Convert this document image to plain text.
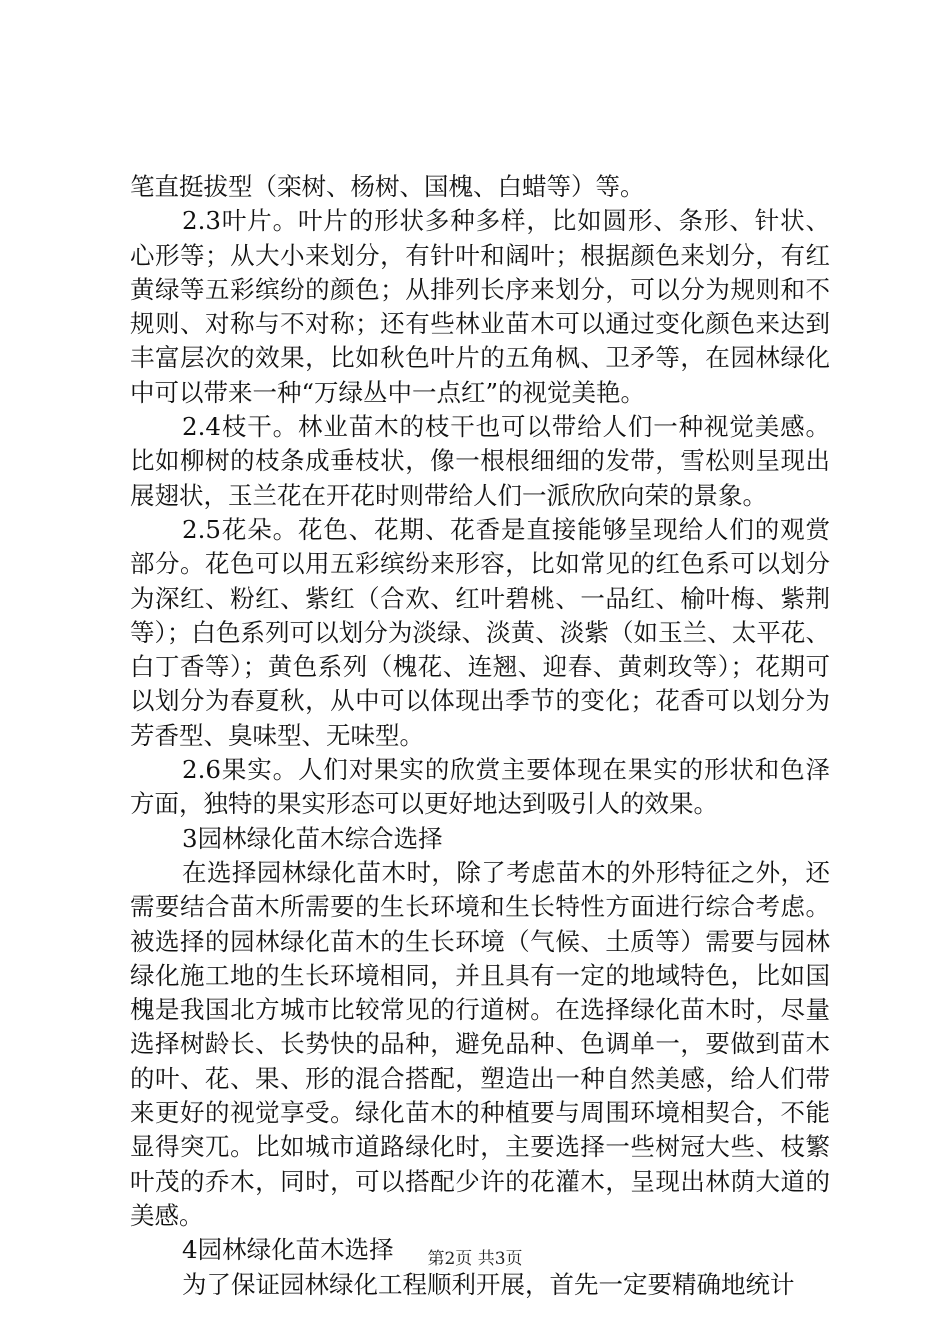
笔直挺拔型（栾树、杨树、国槐、白蜡等）等。

2.3叶片。叶片的形状多种多样，比如圆形、条形、针状、心形等；从大小来划分，有针叶和阔叶；根据颜色来划分，有红黄绿等五彩缤纷的颜色；从排列长序来划分，可以分为规则和不规则、对称与不对称；还有些林业苗木可以通过变化颜色来达到丰富层次的效果，比如秋色叶片的五角枫、卫矛等，在园林绿化中可以带来一种“万绿丛中一点红”的视觉美艳。

2.4枝干。林业苗木的枝干也可以带给人们一种视觉美感。比如柳树的枝条成垂枝状，像一根根细细的发带，雪松则呈现出展翅状，玉兰花在开花时则带给人们一派欣欣向荣的景象。

2.5花朵。花色、花期、花香是直接能够呈现给人们的观赏部分。花色可以用五彩缤纷来形容，比如常见的红色系可以划分为深红、粉红、紫红（合欢、红叶碧桃、一品红、榆叶梅、紫荆等）；白色系列可以划分为淡绿、淡黄、淡紫（如玉兰、太平花、白丁香等）；黄色系列（槐花、连翘、迎春、黄刺玫等）；花期可以划分为春夏秋，从中可以体现出季节的变化；花香可以划分为芳香型、臭味型、无味型。

2.6果实。人们对果实的欣赏主要体现在果实的形状和色泽方面，独特的果实形态可以更好地达到吸引人的效果。

3园林绿化苗木综合选择

在选择园林绿化苗木时，除了考虑苗木的外形特征之外，还需要结合苗木所需要的生长环境和生长特性方面进行综合考虑。被选择的园林绿化苗木的生长环境（气候、土质等）需要与园林绿化施工地的生长环境相同，并且具有一定的地域特色，比如国槐是我国北方城市比较常见的行道树。在选择绿化苗木时，尽量选择树龄长、长势快的品种，避免品种、色调单一，要做到苗木的叶、花、果、形的混合搭配，塑造出一种自然美感，给人们带来更好的视觉享受。绿化苗木的种植要与周围环境相契合，不能显得突兀。比如城市道路绿化时，主要选择一些树冠大些、枝繁叶茂的乔木，同时，可以搭配少许的花灌木，呈现出林荫大道的美感。

4园林绿化苗木选择

为了保证园林绿化工程顺利开展，首先一定要精确地统计

第2页 共3页
